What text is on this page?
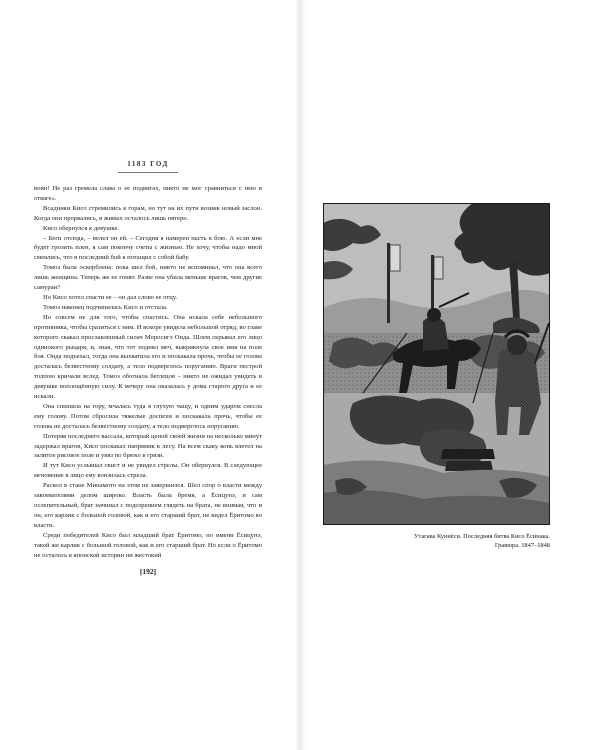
1183 ГОД

воин! Не раз гремела слава о ее подвигах, никто не мог сравниться с нею в отваге».

Всадники Кисо стремились к горам, но тут на их пути возник новый заслон. Когда они прорвались, в живых осталось лишь пятеро.

Кисо обернулся к девушке.

– Беги отсюда, – велел он ей. – Сегодня я намерен пасть в бою. А если мне будет грозить плен, я сам покончу счеты с жизнью. Не хочу, чтобы надо мной смеялись, что в последний бой я потащил с собой бабу.

Томоэ была оскорблена: пока шел бой, никто не вспоминал, что она всего лишь женщина. Теперь же ее гонят. Разве она убила меньше врагов, чем другие самураи?

Но Кисо хотел спасти ее – он дал слово ее отцу.

Томоэ наконец подчинилась Кисо и отстала.

Но совсем не для того, чтобы спастись. Она искала себе небольшого противника, чтобы сразиться с ним. И вскоре увидела небольшой отряд, во главе которого скакал прославленный силач Моросигэ Онда. Шлем скрывал его лицо одинокого рыцаря, и, зная, что тот поднял меч, выкрикнула свое имя на поле боя. Онда подъехал, тогда она выхватила его и поскакала прочь, чтобы ее голова досталась безвестному солдату, а тело подверглось поруганию. Враги пестрой толпою кричали вслед. Томоэ обогнала беглецов – никто не ожидал увидеть в девушке воплощённую силу. К вечеру она оказалась у дома старого друга и ее искали.

Она спешила на гору, мчалась туда в глухую чащу, и одним ударом снесла ему голову. Потом сбросила тяжелые доспехи и поскакала прочь, чтобы ее голова не досталась безвестному солдату, а тело подверглось поруганию.

Потеряв последнего вассала, который ценой своей жизни на несколько минут задержал врагов, Кисо поскакал напрямик к лесу. На всем скаку конь влетел на залитое рисовое поле и увяз по брюхо в грязи.

И тут Кисо услышал свист и не увидел стрелы. Он обернулся. В следующее мгновение в лицо ему вонзилась стрела.

Раскол в стане Минамото на этом не завершился. Шел спор о власти между завоевателями делом широко. Власть была бремя, а Ёсицунэ, и сам ослепительный, брат начинал с подозрением глядеть на брата, не внимая, что и он, его карлик с большой головой, как и его старший брат, не видел Ёритомо во власти.

Среди победителей Кисо был младший брат Ёритомо, по имени Ёсицунэ, такой же карлик с большой головой, как и его старший брат. Но если о Ёритомо не осталось в японской истории ни жестокий

[192]
Утагава Куниёси. Последняя битва Кисо Ёсинака.
Гравюра. 1847–1848
